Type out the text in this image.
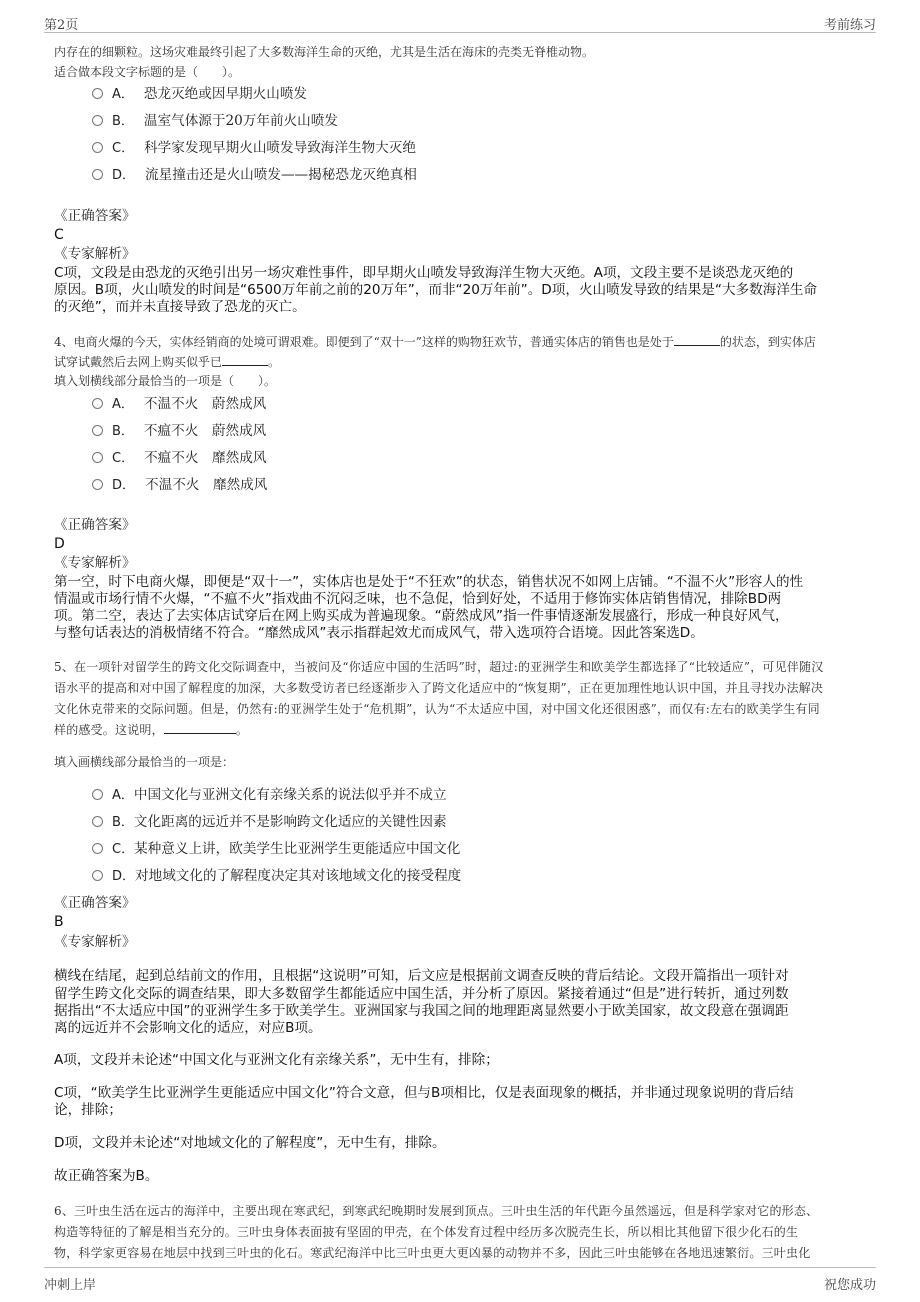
第2页	考前练习

内存在的细颗粒。这场灾难最终引起了大多数海洋生命的灭绝，尤其是生活在海床的壳类无脊椎动物。

适合做本段文字标题的是（　　）。

A． 恐龙灭绝或因早期火山喷发
B． 温室气体源于20万年前火山喷发
C． 科学家发现早期火山喷发导致海洋生物大灭绝
D． 流星撞击还是火山喷发——揭秘恐龙灭绝真相

《正确答案》

C

《专家解析》

C项，文段是由恐龙的灭绝引出另一场灾难性事件，即早期火山喷发导致海洋生物大灭绝。A项，文段主要不是谈恐龙灭绝的

原因。B项，火山喷发的时间是“6500万年前之前的20万年”，而非“20万年前”。D项，火山喷发导致的结果是“大多数海洋生命

的灭绝”，而并未直接导致了恐龙的灭亡。

4、电商火爆的今天，实体经销商的处境可谓艰难。即便到了“双十一”这样的购物狂欢节，普通实体店的销售也是处于	的状态，到实体店

试穿试戴然后去网上购买似乎已	。

填入划横线部分最恰当的一项是（　　）。

A． 不温不火　蔚然成风
B． 不瘟不火　蔚然成风
C． 不瘟不火　靡然成风
D． 不温不火　靡然成风

《正确答案》

D

《专家解析》

第一空，时下电商火爆，即便是“双十一”，实体店也是处于“不狂欢”的状态，销售状况不如网上店铺。“不温不火”形容人的性

情温或市场行情不火爆，“不瘟不火”指戏曲不沉闷乏味，也不急促，恰到好处，不适用于修饰实体店销售情况，排除BD两

项。第二空，表达了去实体店试穿后在网上购买成为普遍现象。“蔚然成风”指一件事情逐渐发展盛行，形成一种良好风气，

与整句话表达的消极情绪不符合。“靡然成风”表示指群起效尤而成风气，带入选项符合语境。因此答案选D。

5、在一项针对留学生的跨文化交际调查中，当被问及“你适应中国的生活吗”时，超过:的亚洲学生和欧美学生都选择了“比较适应”，可见伴随汉

语水平的提高和对中国了解程度的加深，大多数受访者已经逐渐步入了跨文化适应中的“恢复期”，正在更加理性地认识中国，并且寻找办法解决

文化休克带来的交际问题。但是，仍然有:的亚洲学生处于“危机期”，认为“不太适应中国，对中国文化还很困惑”，而仅有:左右的欧美学生有同

样的感受。这说明，	。

填入画横线部分最恰当的一项是：

A．中国文化与亚洲文化有亲缘关系的说法似乎并不成立
B．文化距离的远近并不是影响跨文化适应的关键性因素
C．某种意义上讲，欧美学生比亚洲学生更能适应中国文化
D．对地域文化的了解程度决定其对该地域文化的接受程度

《正确答案》

B

《专家解析》

横线在结尾，起到总结前文的作用，且根据“这说明”可知，后文应是根据前文调查反映的背后结论。文段开篇指出一项针对

留学生跨文化交际的调查结果，即大多数留学生都能适应中国生活，并分析了原因。紧接着通过“但是”进行转折，通过列数

据指出“不太适应中国”的亚洲学生多于欧美学生。亚洲国家与我国之间的地理距离显然要小于欧美国家，故文段意在强调距

离的远近并不会影响文化的适应，对应B项。

A项，文段并未论述“中国文化与亚洲文化有亲缘关系”，无中生有，排除；

C项，“欧美学生比亚洲学生更能适应中国文化”符合文意，但与B项相比，仅是表面现象的概括，并非通过现象说明的背后结

论，排除；

D项，文段并未论述“对地域文化的了解程度”，无中生有，排除。

故正确答案为B。

6、三叶虫生活在远古的海洋中，主要出现在寒武纪，到寒武纪晚期时发展到顶点。三叶虫生活的年代距今虽然遥远，但是科学家对它的形态、

构造等特征的了解是相当充分的。三叶虫身体表面披有坚固的甲壳，在个体发育过程中经历多次脱壳生长，所以相比其他留下很少化石的生

物，科学家更容易在地层中找到三叶虫的化石。寒武纪海洋中比三叶虫更大更凶暴的动物并不多，因此三叶虫能够在各地迅速繁衍。三叶虫化

冲刺上岸	祝您成功
